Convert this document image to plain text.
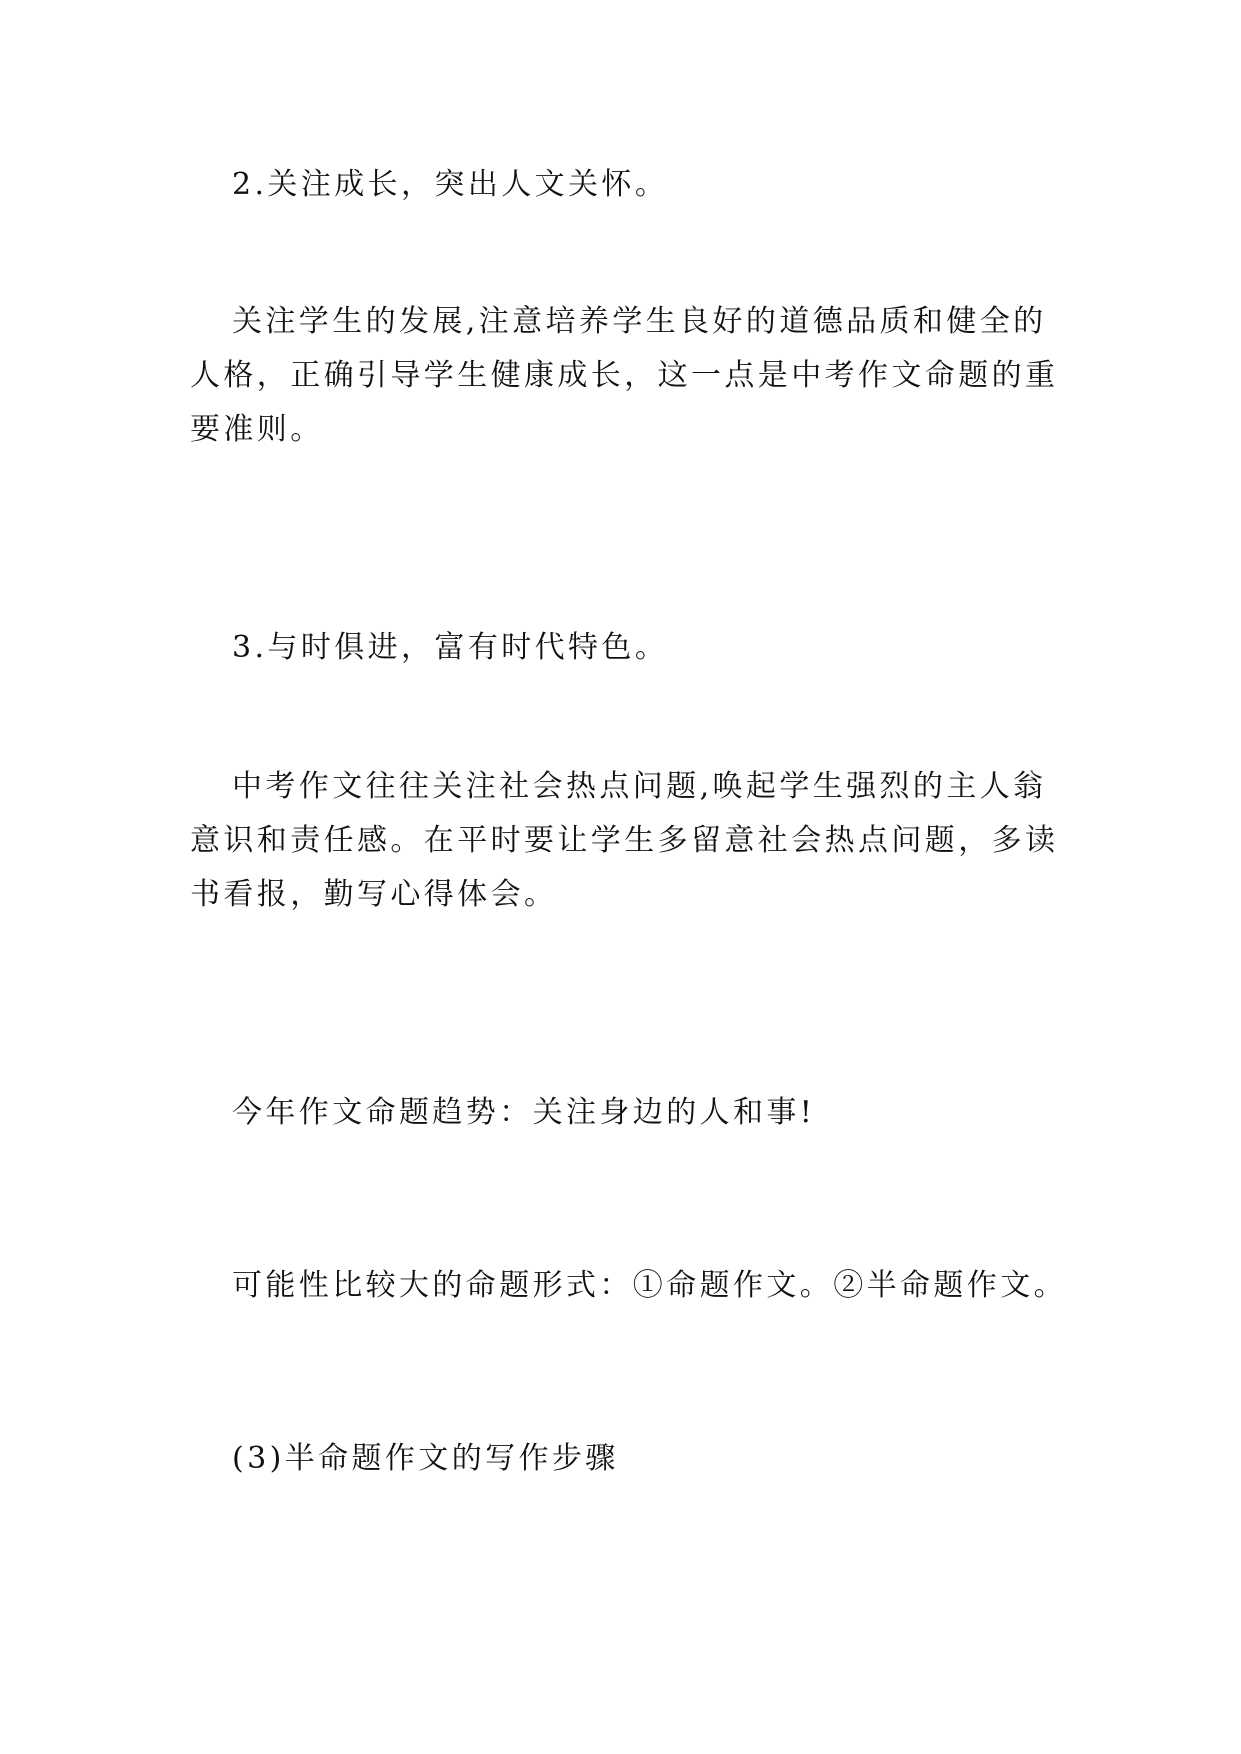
2.关注成长，突出人文关怀。

关注学生的发展,注意培养学生良好的道德品质和健全的

人格，正确引导学生健康成长，这一点是中考作文命题的重

要准则。

3.与时俱进，富有时代特色。

中考作文往往关注社会热点问题,唤起学生强烈的主人翁

意识和责任感。在平时要让学生多留意社会热点问题，多读

书看报，勤写心得体会。

今年作文命题趋势：关注身边的人和事!

可能性比较大的命题形式：①命题作文。②半命题作文。

(3)半命题作文的写作步骤
